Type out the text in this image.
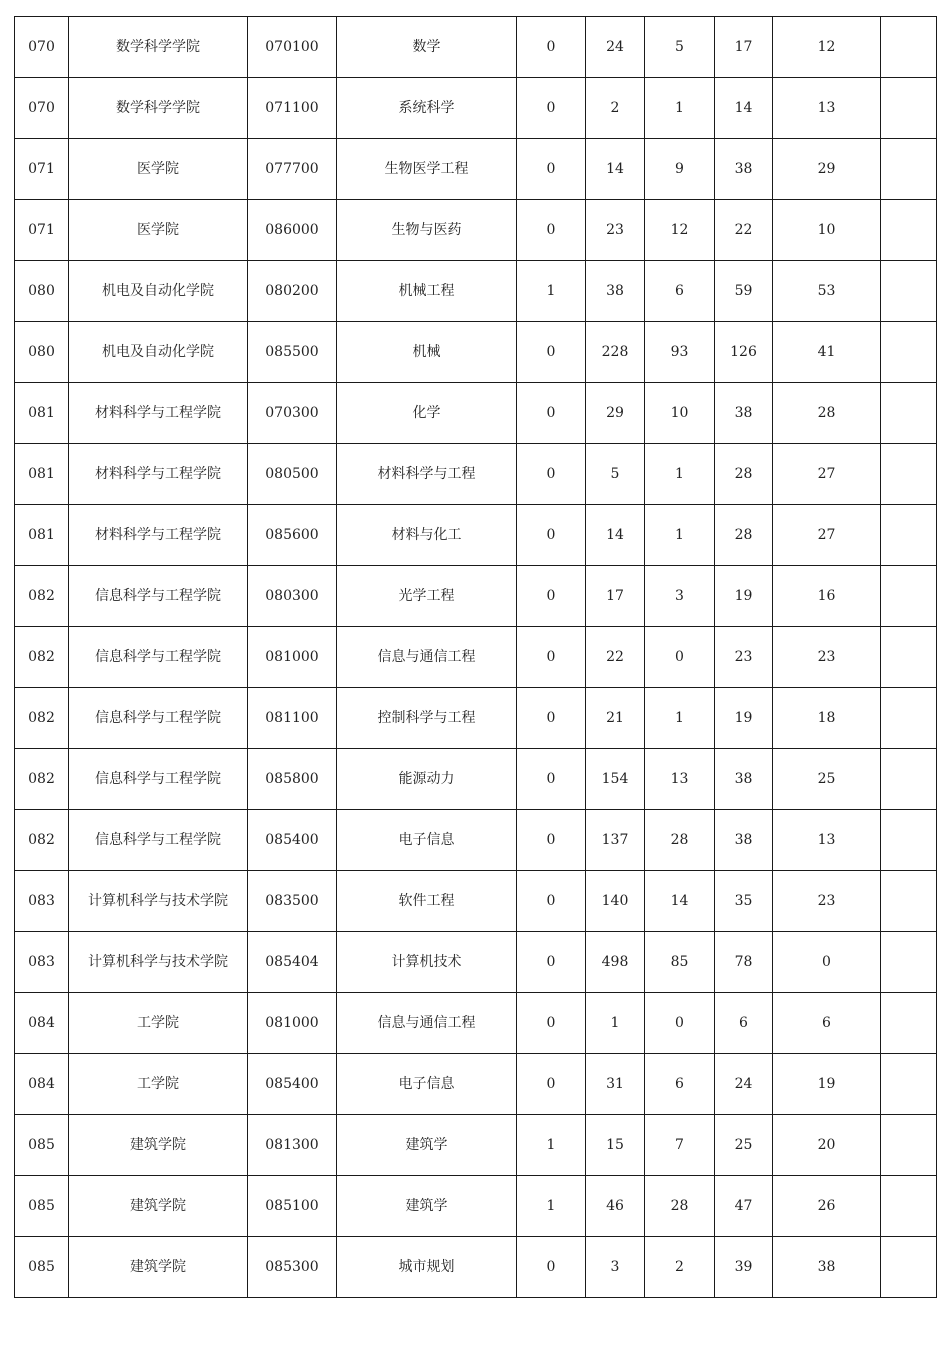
070	数学科学学院	070100	数学	0	24	5	17	12	
070	数学科学学院	071100	系统科学	0	2	1	14	13	
071	医学院	077700	生物医学工程	0	14	9	38	29	
071	医学院	086000	生物与医药	0	23	12	22	10	
080	机电及自动化学院	080200	机械工程	1	38	6	59	53	
080	机电及自动化学院	085500	机械	0	228	93	126	41	
081	材料科学与工程学院	070300	化学	0	29	10	38	28	
081	材料科学与工程学院	080500	材料科学与工程	0	5	1	28	27	
081	材料科学与工程学院	085600	材料与化工	0	14	1	28	27	
082	信息科学与工程学院	080300	光学工程	0	17	3	19	16	
082	信息科学与工程学院	081000	信息与通信工程	0	22	0	23	23	
082	信息科学与工程学院	081100	控制科学与工程	0	21	1	19	18	
082	信息科学与工程学院	085800	能源动力	0	154	13	38	25	
082	信息科学与工程学院	085400	电子信息	0	137	28	38	13	
083	计算机科学与技术学院	083500	软件工程	0	140	14	35	23	
083	计算机科学与技术学院	085404	计算机技术	0	498	85	78	0	
084	工学院	081000	信息与通信工程	0	1	0	6	6	
084	工学院	085400	电子信息	0	31	6	24	19	
085	建筑学院	081300	建筑学	1	15	7	25	20	
085	建筑学院	085100	建筑学	1	46	28	47	26	
085	建筑学院	085300	城市规划	0	3	2	39	38	
